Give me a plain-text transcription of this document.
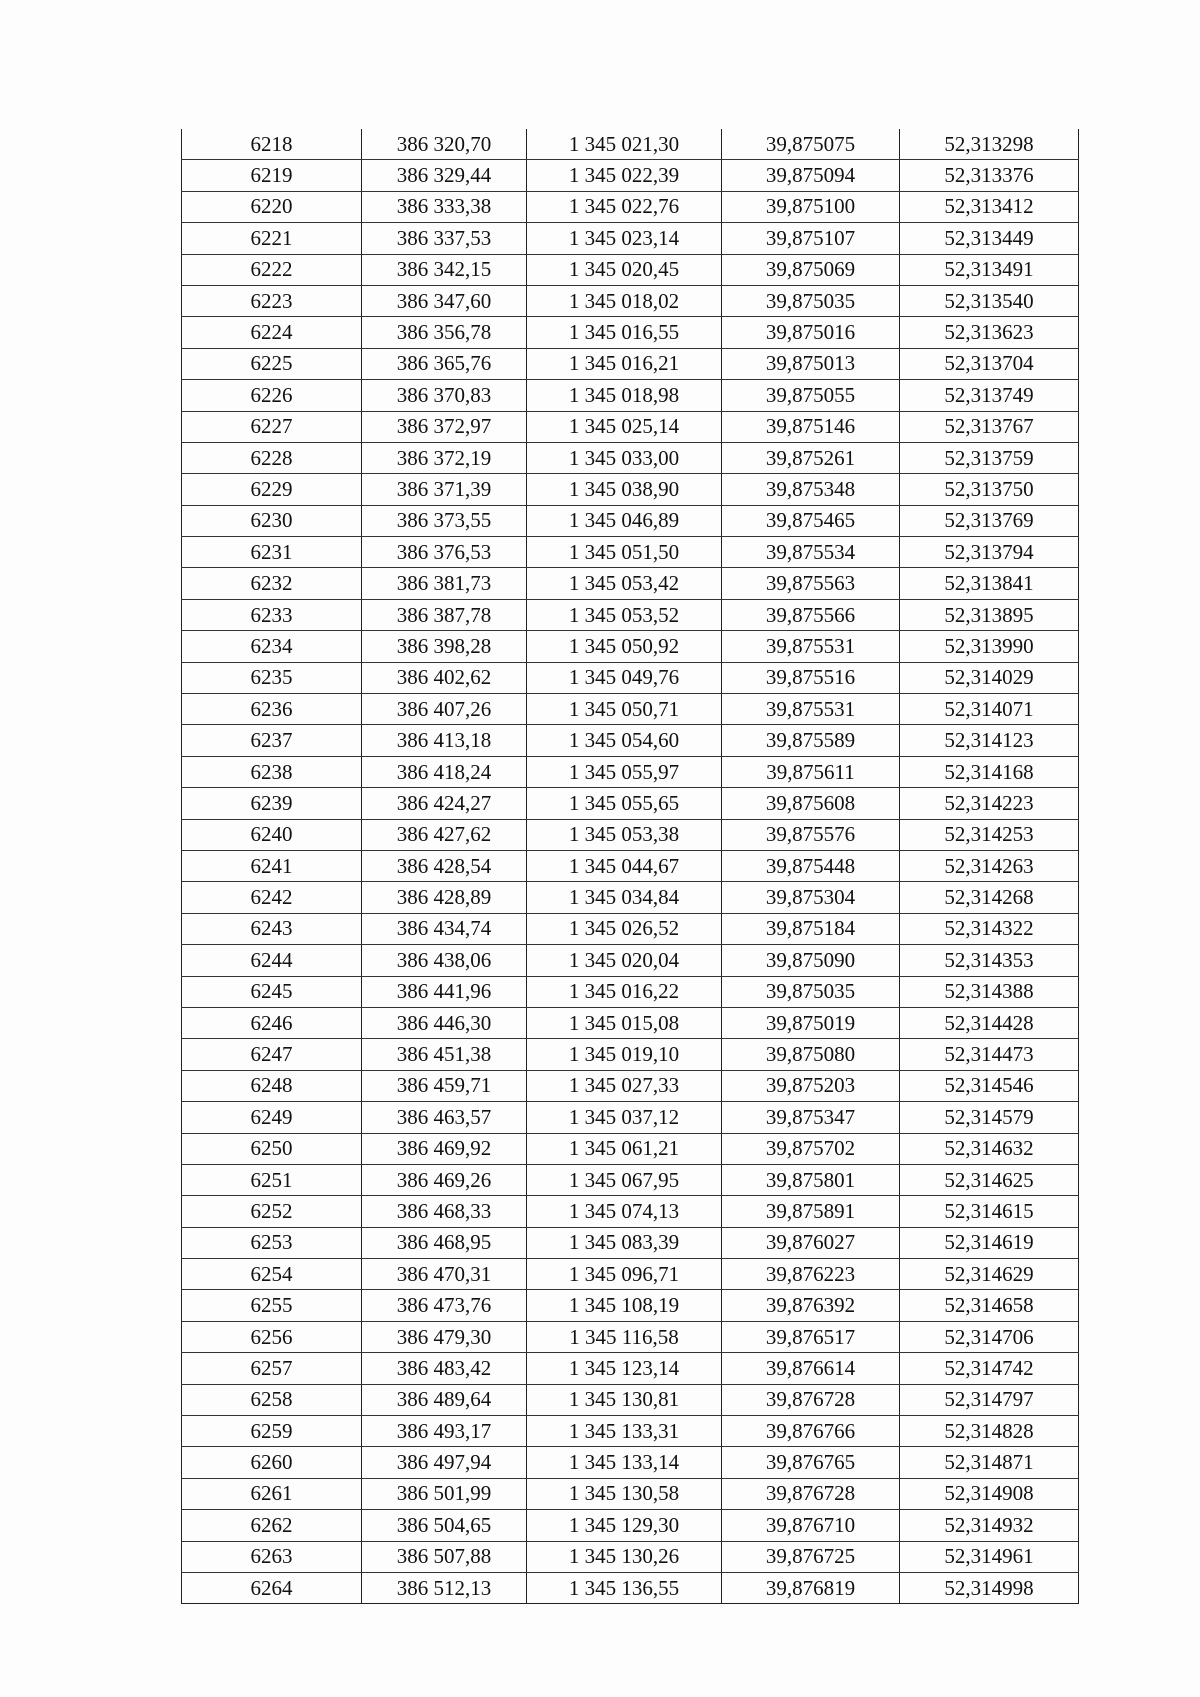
6218	386 320,70	1 345 021,30	39,875075	52,313298
6219	386 329,44	1 345 022,39	39,875094	52,313376
6220	386 333,38	1 345 022,76	39,875100	52,313412
6221	386 337,53	1 345 023,14	39,875107	52,313449
6222	386 342,15	1 345 020,45	39,875069	52,313491
6223	386 347,60	1 345 018,02	39,875035	52,313540
6224	386 356,78	1 345 016,55	39,875016	52,313623
6225	386 365,76	1 345 016,21	39,875013	52,313704
6226	386 370,83	1 345 018,98	39,875055	52,313749
6227	386 372,97	1 345 025,14	39,875146	52,313767
6228	386 372,19	1 345 033,00	39,875261	52,313759
6229	386 371,39	1 345 038,90	39,875348	52,313750
6230	386 373,55	1 345 046,89	39,875465	52,313769
6231	386 376,53	1 345 051,50	39,875534	52,313794
6232	386 381,73	1 345 053,42	39,875563	52,313841
6233	386 387,78	1 345 053,52	39,875566	52,313895
6234	386 398,28	1 345 050,92	39,875531	52,313990
6235	386 402,62	1 345 049,76	39,875516	52,314029
6236	386 407,26	1 345 050,71	39,875531	52,314071
6237	386 413,18	1 345 054,60	39,875589	52,314123
6238	386 418,24	1 345 055,97	39,875611	52,314168
6239	386 424,27	1 345 055,65	39,875608	52,314223
6240	386 427,62	1 345 053,38	39,875576	52,314253
6241	386 428,54	1 345 044,67	39,875448	52,314263
6242	386 428,89	1 345 034,84	39,875304	52,314268
6243	386 434,74	1 345 026,52	39,875184	52,314322
6244	386 438,06	1 345 020,04	39,875090	52,314353
6245	386 441,96	1 345 016,22	39,875035	52,314388
6246	386 446,30	1 345 015,08	39,875019	52,314428
6247	386 451,38	1 345 019,10	39,875080	52,314473
6248	386 459,71	1 345 027,33	39,875203	52,314546
6249	386 463,57	1 345 037,12	39,875347	52,314579
6250	386 469,92	1 345 061,21	39,875702	52,314632
6251	386 469,26	1 345 067,95	39,875801	52,314625
6252	386 468,33	1 345 074,13	39,875891	52,314615
6253	386 468,95	1 345 083,39	39,876027	52,314619
6254	386 470,31	1 345 096,71	39,876223	52,314629
6255	386 473,76	1 345 108,19	39,876392	52,314658
6256	386 479,30	1 345 116,58	39,876517	52,314706
6257	386 483,42	1 345 123,14	39,876614	52,314742
6258	386 489,64	1 345 130,81	39,876728	52,314797
6259	386 493,17	1 345 133,31	39,876766	52,314828
6260	386 497,94	1 345 133,14	39,876765	52,314871
6261	386 501,99	1 345 130,58	39,876728	52,314908
6262	386 504,65	1 345 129,30	39,876710	52,314932
6263	386 507,88	1 345 130,26	39,876725	52,314961
6264	386 512,13	1 345 136,55	39,876819	52,314998
